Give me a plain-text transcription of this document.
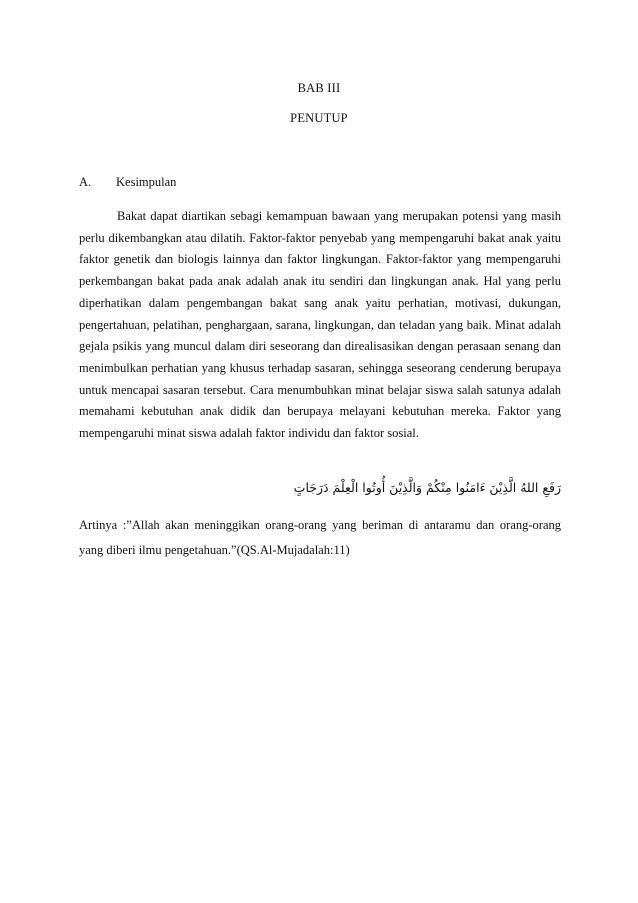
BAB III
PENUTUP
A. Kesimpulan

Bakat dapat diartikan sebagi kemampuan bawaan yang merupakan potensi yang masih perlu dikembangkan atau dilatih. Faktor-faktor penyebab yang mempengaruhi bakat anak yaitu faktor genetik dan biologis lainnya dan faktor lingkungan. Faktor-faktor yang mempengaruhi perkembangan bakat pada anak adalah anak itu sendiri dan lingkungan anak. Hal yang perlu diperhatikan dalam pengembangan bakat sang anak yaitu perhatian, motivasi, dukungan, pengertahuan, pelatihan, penghargaan, sarana, lingkungan, dan teladan yang baik. Minat adalah gejala psikis yang muncul dalam diri seseorang dan direalisasikan dengan perasaan senang dan menimbulkan perhatian yang khusus terhadap sasaran, sehingga seseorang cenderung berupaya untuk mencapai sasaran tersebut. Cara menumbuhkan minat belajar siswa salah satunya adalah memahami kebutuhan anak didik dan berupaya melayani kebutuhan mereka. Faktor yang mempengaruhi minat siswa adalah faktor individu dan faktor sosial.

رَفَعِ اللهُ الَّذِيْنَ ءَامَنُوا مِنْكُمْ وَالَّذِيْنَ أُوتُوا الْعِلْمَ دَرَجَاتٍ

Artinya :”Allah akan meninggikan orang-orang yang beriman di antaramu dan orang-orang yang diberi ilmu pengetahuan.”(QS.Al-Mujadalah:11)
